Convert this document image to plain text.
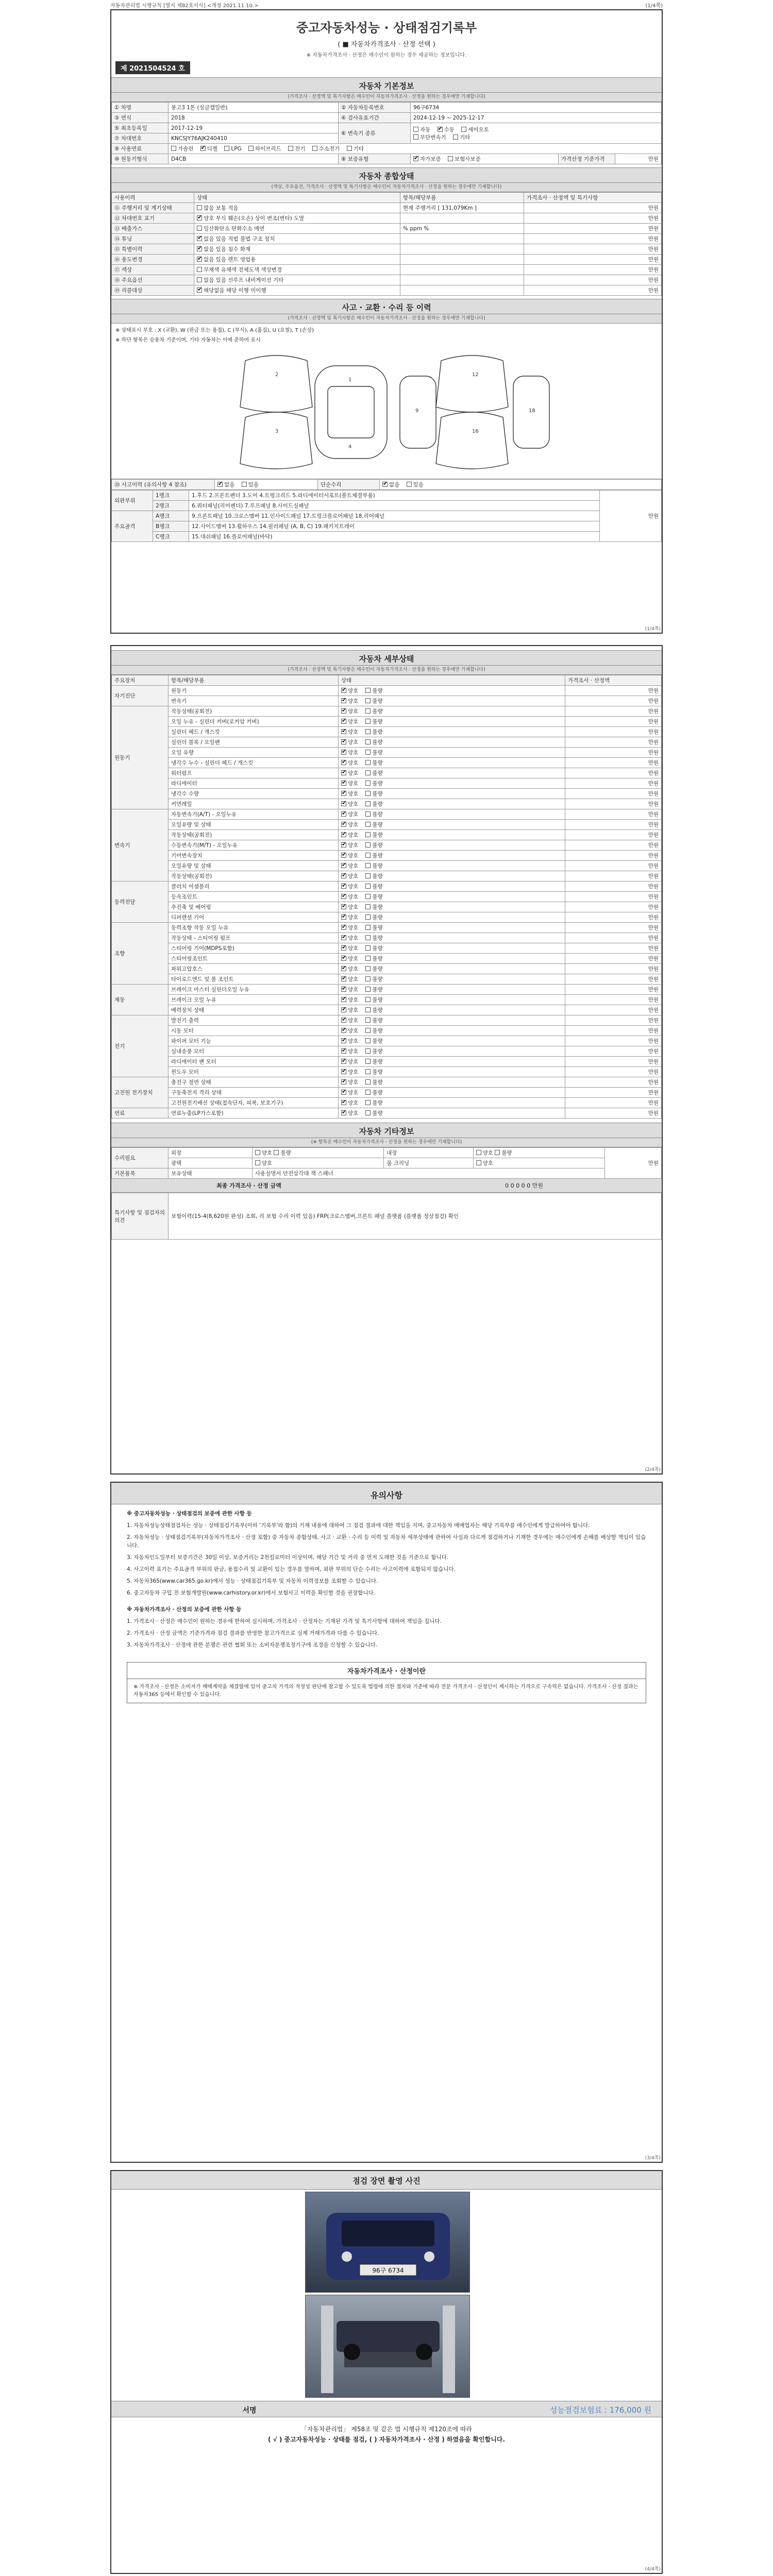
자동차관리법 시행규칙 [별지 제82호서식] <개정 2021.11.10.>	(1/4쪽)
중고자동차성능 · 상태점검기록부
( ■ 자동차가격조사 · 산정 선택 )
※ 자동차가격조사 · 산정은 매수인이 원하는 경우 제공하는 정보입니다.
제 2021504524 호
자동차 기본정보
(가격조사 · 산정액 및 특기사항은 매수인이 자동차가격조사 · 산정을 원하는 경우에만 기재합니다)
① 차명	봉고3 1톤 (싱글캡일반)	② 자동차등록번호	96구6734		
③ 연식	2018	④ 검사유효기간	2024-12-19 ~ 2025-12-17		
⑤ 최초등록일	2017-12-19	⑥ 변속기 종류	자동 ✔ 수동 세미오토
무단변속기 기타
⑦ 차대번호	KNCSJY76AJK240410				
⑨ 사용연료	가솔린 ✔ 디젤 LPG 하이브리드 전기 수소전기 기타
⑩ 원동기형식	D4CB	⑧ 보증유형	✔자가보증 보험사보증	가격산정 기준가격	만원
자동차 종합상태
(색상, 주요옵션, 가격조사 · 산정액 및 특기사항은 매수인이 자동차가격조사 · 산정을 원하는 경우에만 기재합니다)
사용이력	상태	항목/해당부품	가격조사 · 산정액 및 특기사항
⑪ 주행거리 및 계기상태	많음 보통 적음	현재 주행거리 [ 131,079Km ]	만원
⑫ 차대번호 표기	✔양호 부식 훼손(오손) 상이 변조(변타) 도말		만원
⑬ 배출가스	일산화탄소 탄화수소 매연	% ppm %	만원
⑭ 튜닝	✔없음 있음 적법 불법 구조 장치		만원
⑮ 특별이력	✔없음 있음 침수 화재		만원
⑯ 용도변경	✔없음 있음 렌트 영업용		만원
⑰ 색상	무채색 유채색 전체도색 색상변경		만원
⑱ 주요옵션	없음 있음 선루프 내비게이션 기타		만원
⑲ 리콜대상	✔해당없음 해당 이행 미이행		만원
사고 · 교환 · 수리 등 이력
(가격조사 · 산정액 및 특기사항은 매수인이 자동차가격조사 · 산정을 원하는 경우에만 기재합니다)
※ 상태표시 부호 : X (교환), W (판금 또는 용접), C (부식), A (흠집), U (요철), T (손상)
※ 하단 항목은 승용차 기준이며, 기타 자동차는 이에 준하여 표시
2
3
1
4
12
16
9	18
⑳ 사고이력 (유의사항 4 참조)	✔없음	있음	단순수리	✔없음	있음
외판부위	1랭크	1.후드 2.프론트펜더 3.도어 4.트렁크리드 5.라디에이터서포트(볼트체결부품)	만원
	2랭크	6.쿼터패널(리어펜더) 7.루프패널 8.사이드실패널	
주요골격	A랭크	9.프론트패널 10.크로스멤버 11.인사이드패널 17.트렁크플로어패널 18.리어패널	
	B랭크	12.사이드멤버 13.휠하우스 14.필러패널 (A, B, C) 19.패키지트레이	
	C랭크	15.대쉬패널 16.플로어패널(바닥)	
(1/4쪽)
자동차 세부상태
(가격조사 · 산정액 및 특기사항은 매수인이 자동차가격조사 · 산정을 원하는 경우에만 기재합니다)
주요장치	항목/해당부품	상태	가격조사 · 산정액
자기진단	원동기	✔양호 불량	만원
	변속기	✔양호 불량	만원
원동기	작동상태(공회전)	✔양호 불량	만원
	오일 누유 - 실린더 커버(로커암 커버)	✔양호 불량	만원
	실린더 헤드 / 개스킷	✔양호 불량	만원
	실린더 블록 / 오일팬	✔양호 불량	만원
	오일 유량	✔양호 불량	만원
	냉각수 누수 - 실린더 헤드 / 개스킷	✔양호 불량	만원
	워터펌프	✔양호 불량	만원
	라디에이터	✔양호 불량	만원
	냉각수 수량	✔양호 불량	만원
	커먼레일	✔양호 불량	만원
변속기	자동변속기(A/T) - 오일누유	✔양호 불량	만원
	오일유량 및 상태	✔양호 불량	만원
	작동상태(공회전)	✔양호 불량	만원
	수동변속기(M/T) - 오일누유	✔양호 불량	만원
	기어변속장치	✔양호 불량	만원
	오일유량 및 상태	✔양호 불량	만원
	작동상태(공회전)	✔양호 불량	만원
동력전달	클러치 어셈블리	✔양호 불량	만원
	등속조인트	✔양호 불량	만원
	추진축 및 베어링	✔양호 불량	만원
	디퍼렌셜 기어	✔양호 불량	만원
조향	동력조향 작동 오일 누유	✔양호 불량	만원
	작동상태 - 스티어링 펌프	✔양호 불량	만원
	스티어링 기어(MDPS포함)	✔양호 불량	만원
	스티어링조인트	✔양호 불량	만원
	파워고압호스	✔양호 불량	만원
	타이로드엔드 및 볼 조인트	✔양호 불량	만원
제동	브레이크 마스터 실린더오일 누유	✔양호 불량	만원
	브레이크 오일 누유	✔양호 불량	만원
	배력장치 상태	✔양호 불량	만원
전기	발전기 출력	✔양호 불량	만원
	시동 모터	✔양호 불량	만원
	와이퍼 모터 기능	✔양호 불량	만원
	실내송풍 모터	✔양호 불량	만원
	라디에이터 팬 모터	✔양호 불량	만원
	윈도우 모터	✔양호 불량	만원
고전원 전기장치	충전구 절연 상태	✔양호 불량	만원
	구동축전지 격리 상태	✔양호 불량	만원
	고전원전기배선 상태(접속단자, 피복, 보호기구)	✔양호 불량	만원
연료	연료누출(LP가스포함)	✔양호 불량	만원
자동차 기타정보
(※ 항목은 매수인이 자동차가격조사 · 산정을 원하는 경우에만 기재합니다)
수리필요	외장	양호 불량	내장	양호 불량	만원
	광택	양호	룸 크리닝	양호	
기본품목	보유상태	사용설명서 안전삼각대 잭 스패너			
최종 가격조사 · 산정 금액	0 0 0 0 0 만원
특기사항 및 점검자의 의견	보험이력(15-4(8,620원 완성) 조회, 리 보험 수리 이력 있음) FRP(크로스멤버,프론트 패널 플랫폼 (플랫폼 정상점검) 확인
(2/4쪽)
유의사항

※ 중고자동차성능 · 상태점검의 보증에 관한 사항 등

1. 자동차성능상태점검자는 성능 · 상태점검기록부(이하 '기록부'라 함)의 기재 내용에 대하여 그 점검 결과에 대한 책임을 지며, 중고자동차 매매업자는 해당 기록부를 매수인에게 발급하여야 합니다.

2. 자동차성능 · 상태점검기록부(자동차가격조사 · 산정 포함) 중 자동차 종합상태, 사고 · 교환 · 수리 등 이력 및 자동차 세부상태에 관하여 사실과 다르게 점검하거나 기재한 경우에는 매수인에게 손해를 배상할 책임이 있습니다.

3. 자동차인도일부터 보증기간은 30일 이상, 보증거리는 2천킬로미터 이상이며, 해당 기간 및 거리 중 먼저 도래한 것을 기준으로 합니다.

4. 사고이력 표기는 주요골격 부위의 판금, 용접수리 및 교환이 있는 경우를 말하며, 외판 부위의 단순 수리는 사고이력에 포함되지 않습니다.

5. 자동차365(www.car365.go.kr)에서 성능 · 상태점검기록부 및 자동차 이력정보를 조회할 수 있습니다.

6. 중고자동차 구입 전 보험개발원(www.carhistory.or.kr)에서 보험사고 이력을 확인할 것을 권장합니다.

※ 자동차가격조사 · 산정의 보증에 관한 사항 등

1. 가격조사 · 산정은 매수인이 원하는 경우에 한하여 실시하며, 가격조사 · 산정자는 기재된 가격 및 특기사항에 대하여 책임을 집니다.

2. 가격조사 · 산정 금액은 기준가격과 점검 결과를 반영한 참고가격으로 실제 거래가격과 다를 수 있습니다.

3. 자동차가격조사 · 산정에 관한 분쟁은 관련 협회 또는 소비자분쟁조정기구에 조정을 신청할 수 있습니다.

자동차가격조사 · 산정이란
※ 가격조사 · 산정은 소비자가 매매계약을 체결함에 있어 중고차 가격의 적정성 판단에 참고할 수 있도록 법령에 의한 절차와 기준에 따라 전문 가격조사 · 산정인이 제시하는 가격으로 구속력은 없습니다. 가격조사 · 산정 결과는 자동차365 등에서 확인할 수 있습니다.
(3/4쪽)
점검 장면 촬영 사진
96구 6734
서명	성능점검보험료 : 176,000 원
「자동차관리법」 제58조 및 같은 법 시행규칙 제120조에 따라
( √ ) 중고자동차성능 · 상태를 점검, ( ) 자동차가격조사 · 산정 ) 하였음을 확인합니다.
(4/4쪽)
